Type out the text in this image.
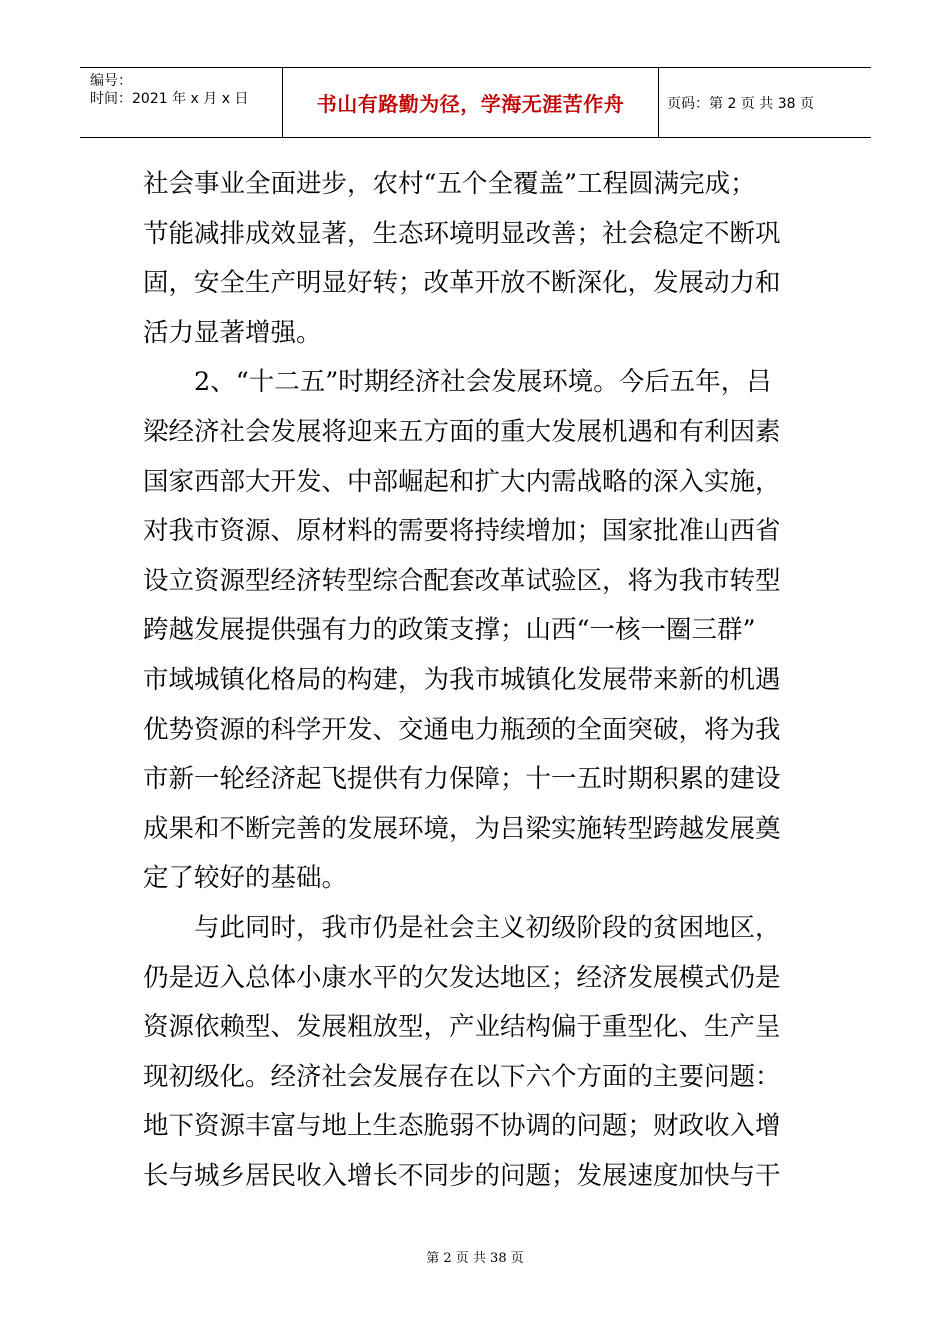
编号：
时间：2021 年 x 月 x 日	书山有路勤为径，学海无涯苦作舟	页码：第 2 页 共 38 页
社会事业全面进步，农村“五个全覆盖”工程圆满完成；
节能减排成效显著，生态环境明显改善；社会稳定不断巩
固，安全生产明显好转；改革开放不断深化，发展动力和
活力显著增强。
　　2、“十二五”时期经济社会发展环境。今后五年，吕
梁经济社会发展将迎来五方面的重大发展机遇和有利因素
国家西部大开发、中部崛起和扩大内需战略的深入实施，
对我市资源、原材料的需要将持续增加；国家批准山西省
设立资源型经济转型综合配套改革试验区，将为我市转型
跨越发展提供强有力的政策支撑；山西“一核一圈三群”
市域城镇化格局的构建，为我市城镇化发展带来新的机遇
优势资源的科学开发、交通电力瓶颈的全面突破，将为我
市新一轮经济起飞提供有力保障；十一五时期积累的建设
成果和不断完善的发展环境，为吕梁实施转型跨越发展奠
定了较好的基础。
　　与此同时，我市仍是社会主义初级阶段的贫困地区，
仍是迈入总体小康水平的欠发达地区；经济发展模式仍是
资源依赖型、发展粗放型，产业结构偏于重型化、生产呈
现初级化。经济社会发展存在以下六个方面的主要问题：
地下资源丰富与地上生态脆弱不协调的问题；财政收入增
长与城乡居民收入增长不同步的问题；发展速度加快与干
第 2 页 共 38 页
